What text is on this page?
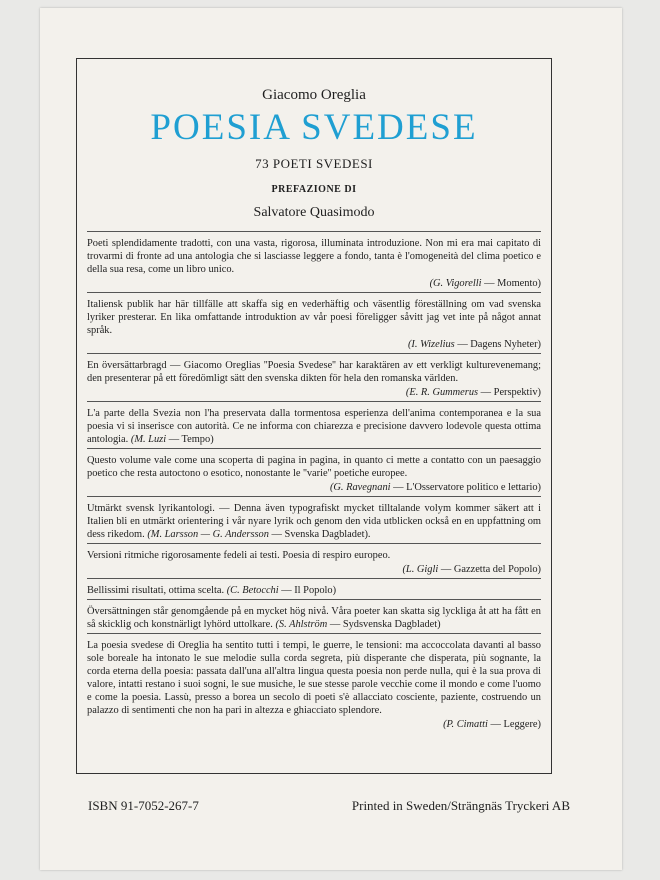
Giacomo Oreglia
POESIA SVEDESE
73 POETI SVEDESI
PREFAZIONE DI
Salvatore Quasimodo
Poeti splendidamente tradotti, con una vasta, rigorosa, illuminata introduzione. Non mi era mai capitato di trovarmi di fronte ad una antologia che si lasciasse leggere a fondo, tanta è l'omogeneità del clima poetico e della sua resa, come un libro unico.
(G. Vigorelli — Momento)
Italiensk publik har här tillfälle att skaffa sig en vederhäftig och väsentlig föreställning om vad svenska lyriker presterar. En lika omfattande introduktion av vår poesi föreligger såvitt jag vet inte på något annat språk.
(I. Wizelius — Dagens Nyheter)
En översättarbragd — Giacomo Oreglias ''Poesia Svedese'' har karaktären av ett verkligt kulturevenemang; den presenterar på ett föredömligt sätt den svenska dikten för hela den romanska världen.
(E. R. Gummerus — Perspektiv)
L'a parte della Svezia non l'ha preservata dalla tormentosa esperienza dell'anima contemporanea e la sua poesia vi si inserisce con autorità. Ce ne informa con chiarezza e precisione davvero lodevole questa ottima antologia. (M. Luzi — Tempo)
Questo volume vale come una scoperta di pagina in pagina, in quanto ci mette a contatto con un paesaggio poetico che resta autoctono o esotico, nonostante le ''varie'' poetiche europee.
(G. Ravegnani — L'Osservatore politico e lettario)
Utmärkt svensk lyrikantologi. — Denna även typografiskt mycket tilltalande volym kommer säkert att i Italien bli en utmärkt orientering i vår nyare lyrik och genom den vida utblicken också en en uppfattning om dess rikedom. (M. Larsson — G. Andersson — Svenska Dagbladet).
Versioni ritmiche rigorosamente fedeli ai testi. Poesia di respiro europeo.
(L. Gigli — Gazzetta del Popolo)
Bellissimi risultati, ottima scelta. (C. Betocchi — Il Popolo)
Översättningen står genomgående på en mycket hög nivå. Våra poeter kan skatta sig lyckliga åt att ha fått en så skicklig och konstnärligt lyhörd uttolkare. (S. Ahlström — Sydsvenska Dagbladet)
La poesia svedese di Oreglia ha sentito tutti i tempi, le guerre, le tensioni: ma accoccolata davanti al basso sole boreale ha intonato le sue melodie sulla corda segreta, più disperante che disperata, più sognante, la corda eterna della poesia: passata dall'una all'altra lingua questa poesia non perde nulla, qui è la sua prova di valore, intatti restano i suoi sogni, le sue musiche, le sue stesse parole vecchie come il mondo e come l'uomo e come la poesia. Lassù, presso a borea un secolo di poeti s'è allacciato cosciente, paziente, costruendo un palazzo di sentimenti che non ha pari in altezza e ghiacciato splendore.
(P. Cimatti — Leggere)
ISBN 91-7052-267-7	Printed in Sweden/Strängnäs Tryckeri AB
